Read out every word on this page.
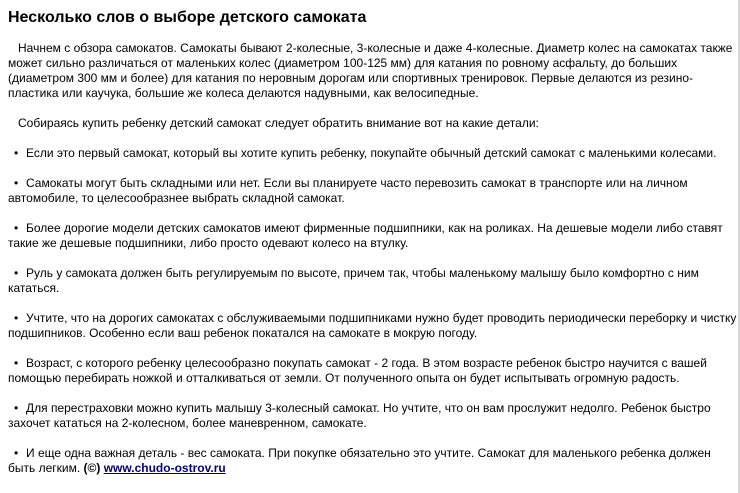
Несколько слов о выборе детского самоката

Начнем с обзора самокатов. Самокаты бывают 2-колесные, 3-колесные и даже 4-колесные. Диаметр колес на самокатах также может сильно различаться от маленьких колес (диаметром 100-125 мм) для катания по ровному асфальту, до больших (диаметром 300 мм и более) для катания по неровным дорогам или спортивных тренировок. Первые делаются из резино-пластика или каучука, большие же колеса делаются надувными, как велосипедные.

Собираясь купить ребенку детский самокат следует обратить внимание вот на какие детали:

• Если это первый самокат, который вы хотите купить ребенку, покупайте обычный детский самокат с маленькими колесами.

• Самокаты могут быть складными или нет. Если вы планируете часто перевозить самокат в транспорте или на личном автомобиле, то целесообразнее выбрать складной самокат.

• Более дорогие модели детских самокатов имеют фирменные подшипники, как на роликах. На дешевые модели либо ставят такие же дешевые подшипники, либо просто одевают колесо на втулку.

• Руль у самоката должен быть регулируемым по высоте, причем так, чтобы маленькому малышу было комфортно с ним кататься.

• Учтите, что на дорогих самокатах с обслуживаемыми подшипниками нужно будет проводить периодически переборку и чистку подшипников. Особенно если ваш ребенок покатался на самокате в мокрую погоду.

• Возраст, с которого ребенку целесообразно покупать самокат - 2 года. В этом возрасте ребенок быстро научится с вашей помощью перебирать ножкой и отталкиваться от земли. От полученного опыта он будет испытывать огромную радость.

• Для перестраховки можно купить малышу 3-колесный самокат. Но учтите, что он вам прослужит недолго. Ребенок быстро захочет кататься на 2-колесном, более маневренном, самокате.

• И еще одна важная деталь - вес самоката. При покупке обязательно это учтите. Самокат для маленького ребенка должен быть легким. (©) www.chudo-ostrov.ru
